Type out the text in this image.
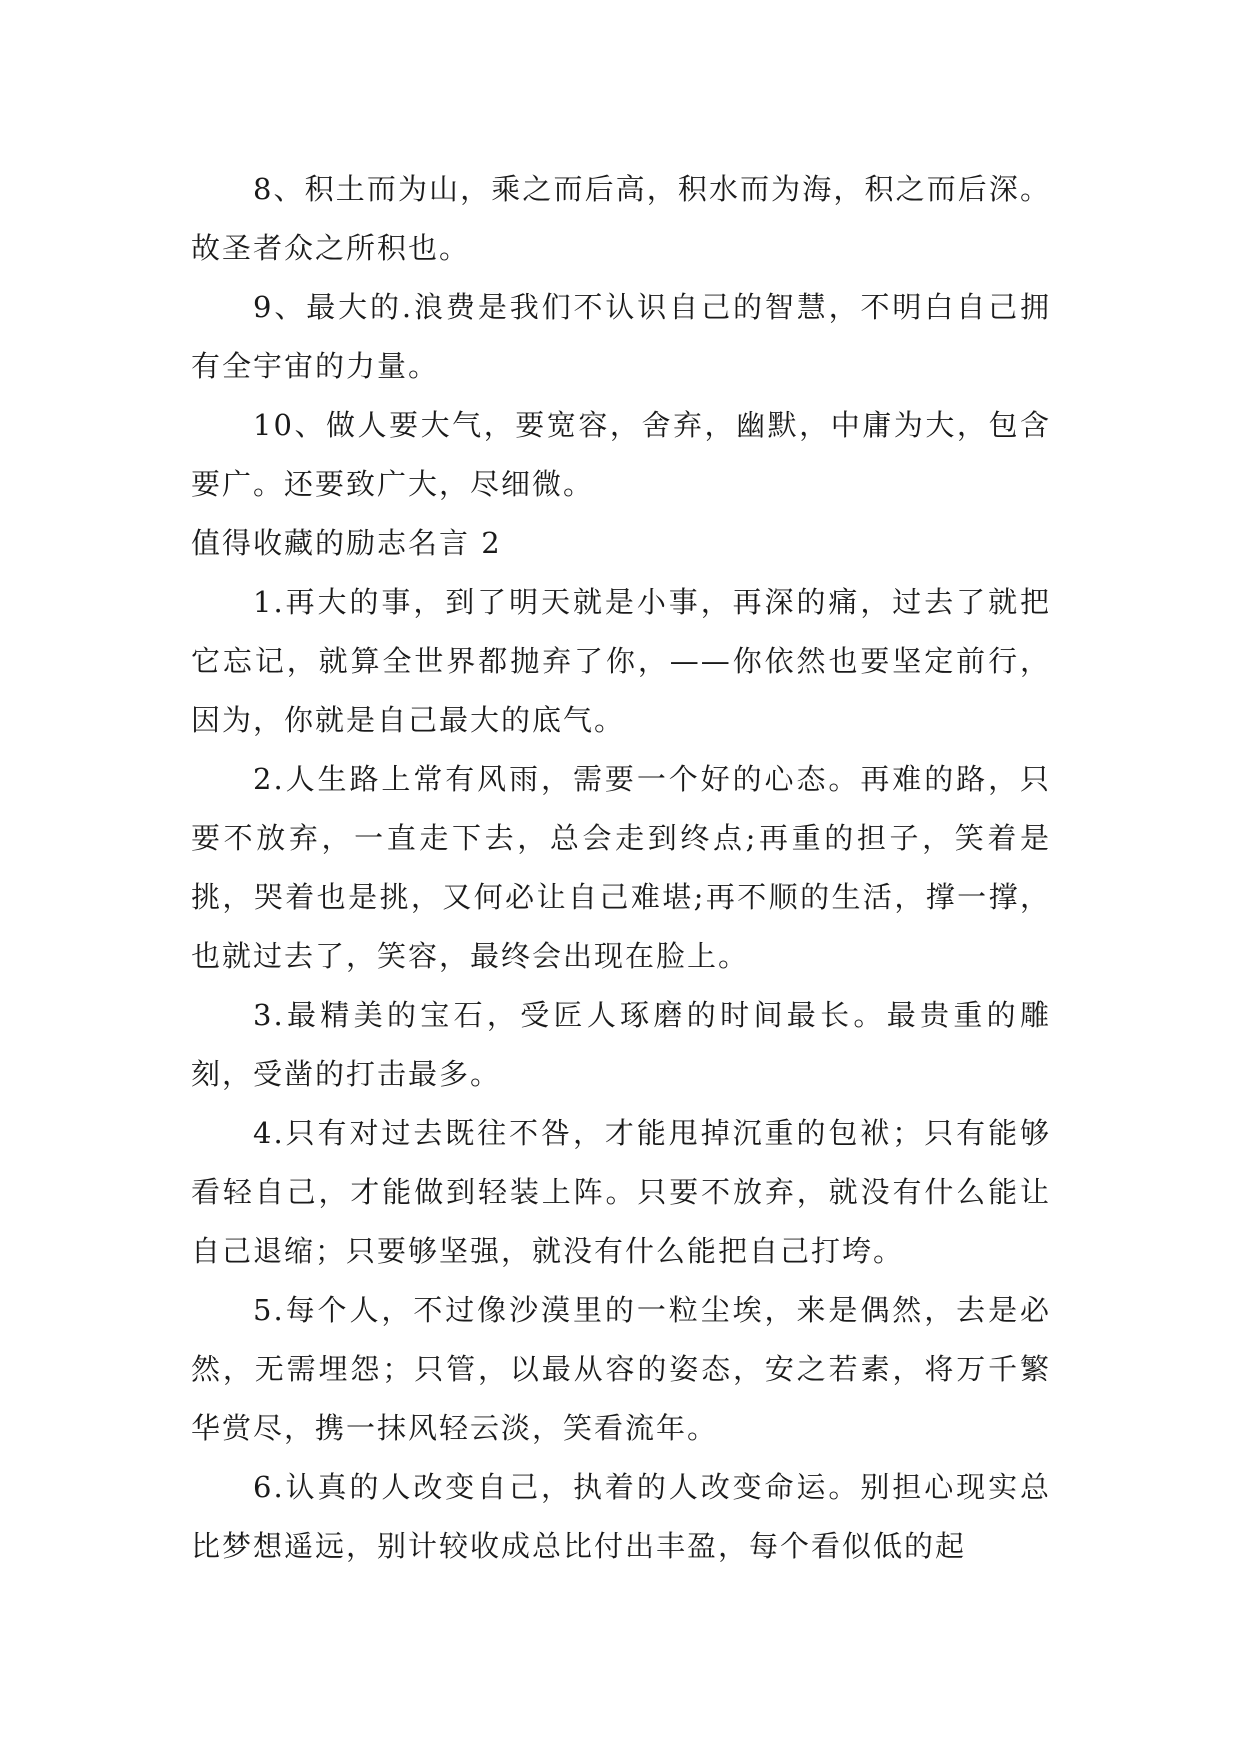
8、积土而为山，乘之而后高，积水而为海，积之而后深。故圣者众之所积也。

9、最大的.浪费是我们不认识自己的智慧，不明白自己拥有全宇宙的力量。

10、做人要大气，要宽容，舍弃，幽默，中庸为大，包含要广。还要致广大，尽细微。

值得收藏的励志名言 2

1.再大的事，到了明天就是小事，再深的痛，过去了就把它忘记，就算全世界都抛弃了你，——你依然也要坚定前行，因为，你就是自己最大的底气。

2.人生路上常有风雨，需要一个好的心态。再难的路，只要不放弃，一直走下去，总会走到终点;再重的担子，笑着是挑，哭着也是挑，又何必让自己难堪;再不顺的生活，撑一撑，也就过去了，笑容，最终会出现在脸上。

3.最精美的宝石，受匠人琢磨的时间最长。最贵重的雕刻，受凿的打击最多。

4.只有对过去既往不咎，才能甩掉沉重的包袱；只有能够看轻自己，才能做到轻装上阵。只要不放弃，就没有什么能让自己退缩；只要够坚强，就没有什么能把自己打垮。

5.每个人，不过像沙漠里的一粒尘埃，来是偶然，去是必然，无需埋怨；只管，以最从容的姿态，安之若素，将万千繁华赏尽，携一抹风轻云淡，笑看流年。

6.认真的人改变自己，执着的人改变命运。别担心现实总比梦想遥远，别计较收成总比付出丰盈，每个看似低的起
